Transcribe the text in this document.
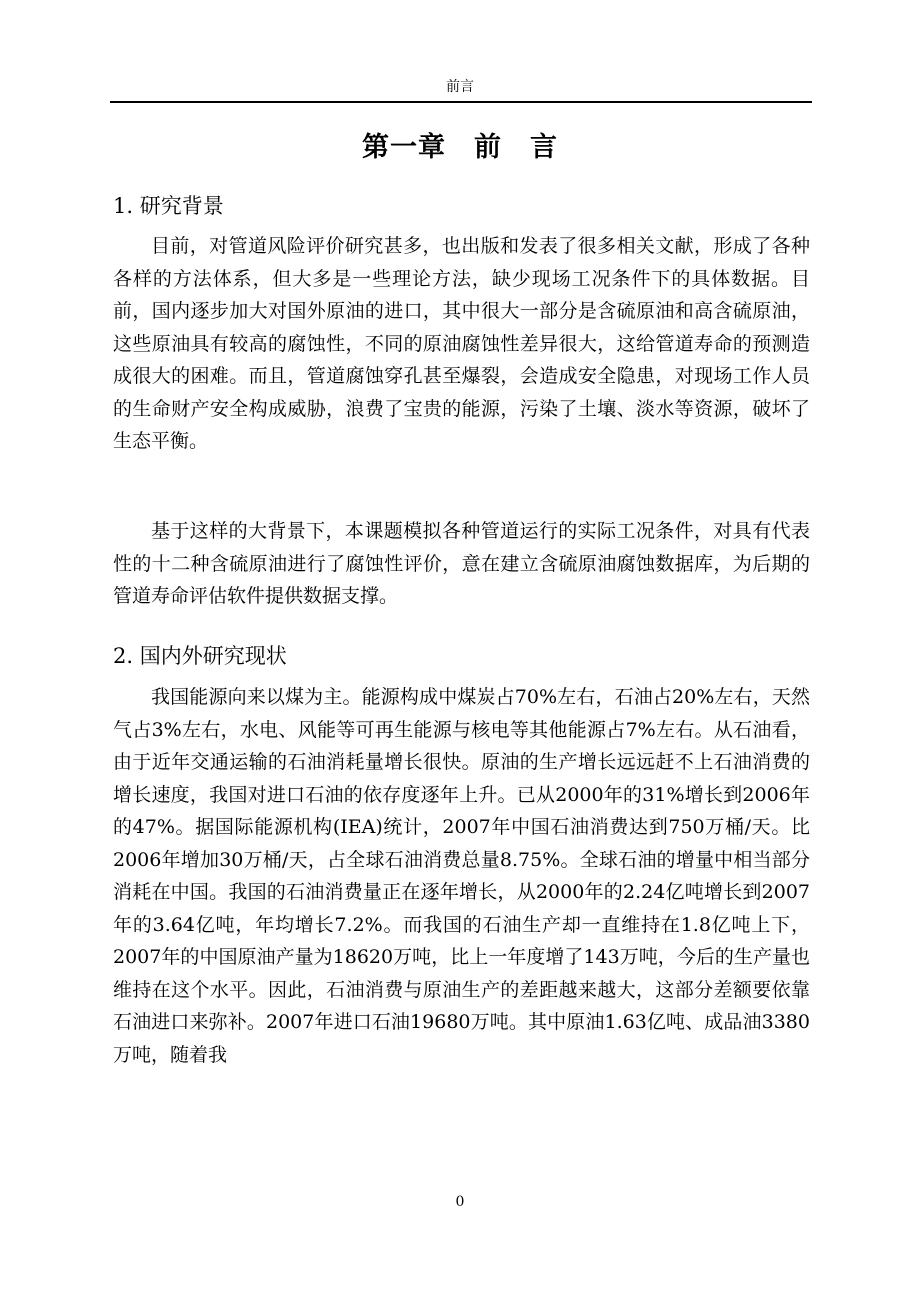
前言
第一章 前 言
1. 研究背景

目前，对管道风险评价研究甚多，也出版和发表了很多相关文献，形成了各种各样的方法体系，但大多是一些理论方法，缺少现场工况条件下的具体数据。目前，国内逐步加大对国外原油的进口，其中很大一部分是含硫原油和高含硫原油，这些原油具有较高的腐蚀性，不同的原油腐蚀性差异很大，这给管道寿命的预测造成很大的困难。而且，管道腐蚀穿孔甚至爆裂，会造成安全隐患，对现场工作人员的生命财产安全构成威胁，浪费了宝贵的能源，污染了土壤、淡水等资源，破坏了生态平衡。

基于这样的大背景下，本课题模拟各种管道运行的实际工况条件，对具有代表性的十二种含硫原油进行了腐蚀性评价，意在建立含硫原油腐蚀数据库，为后期的管道寿命评估软件提供数据支撑。

2. 国内外研究现状

我国能源向来以煤为主。能源构成中煤炭占70%左右，石油占20%左右，天然气占3%左右，水电、风能等可再生能源与核电等其他能源占7%左右。从石油看，由于近年交通运输的石油消耗量增长很快。原油的生产增长远远赶不上石油消费的增长速度，我国对进口石油的依存度逐年上升。已从2000年的31%增长到2006年的47%。据国际能源机构(IEA)统计，2007年中国石油消费达到750万桶/天。比2006年增加30万桶/天，占全球石油消费总量8.75%。全球石油的增量中相当部分消耗在中国。我国的石油消费量正在逐年增长，从2000年的2.24亿吨增长到2007年的3.64亿吨，年均增长7.2%。而我国的石油生产却一直维持在1.8亿吨上下，2007年的中国原油产量为18620万吨，比上一年度增了143万吨，今后的生产量也维持在这个水平。因此，石油消费与原油生产的差距越来越大，这部分差额要依靠石油进口来弥补。2007年进口石油19680万吨。其中原油1.63亿吨、成品油3380万吨，随着我

0
